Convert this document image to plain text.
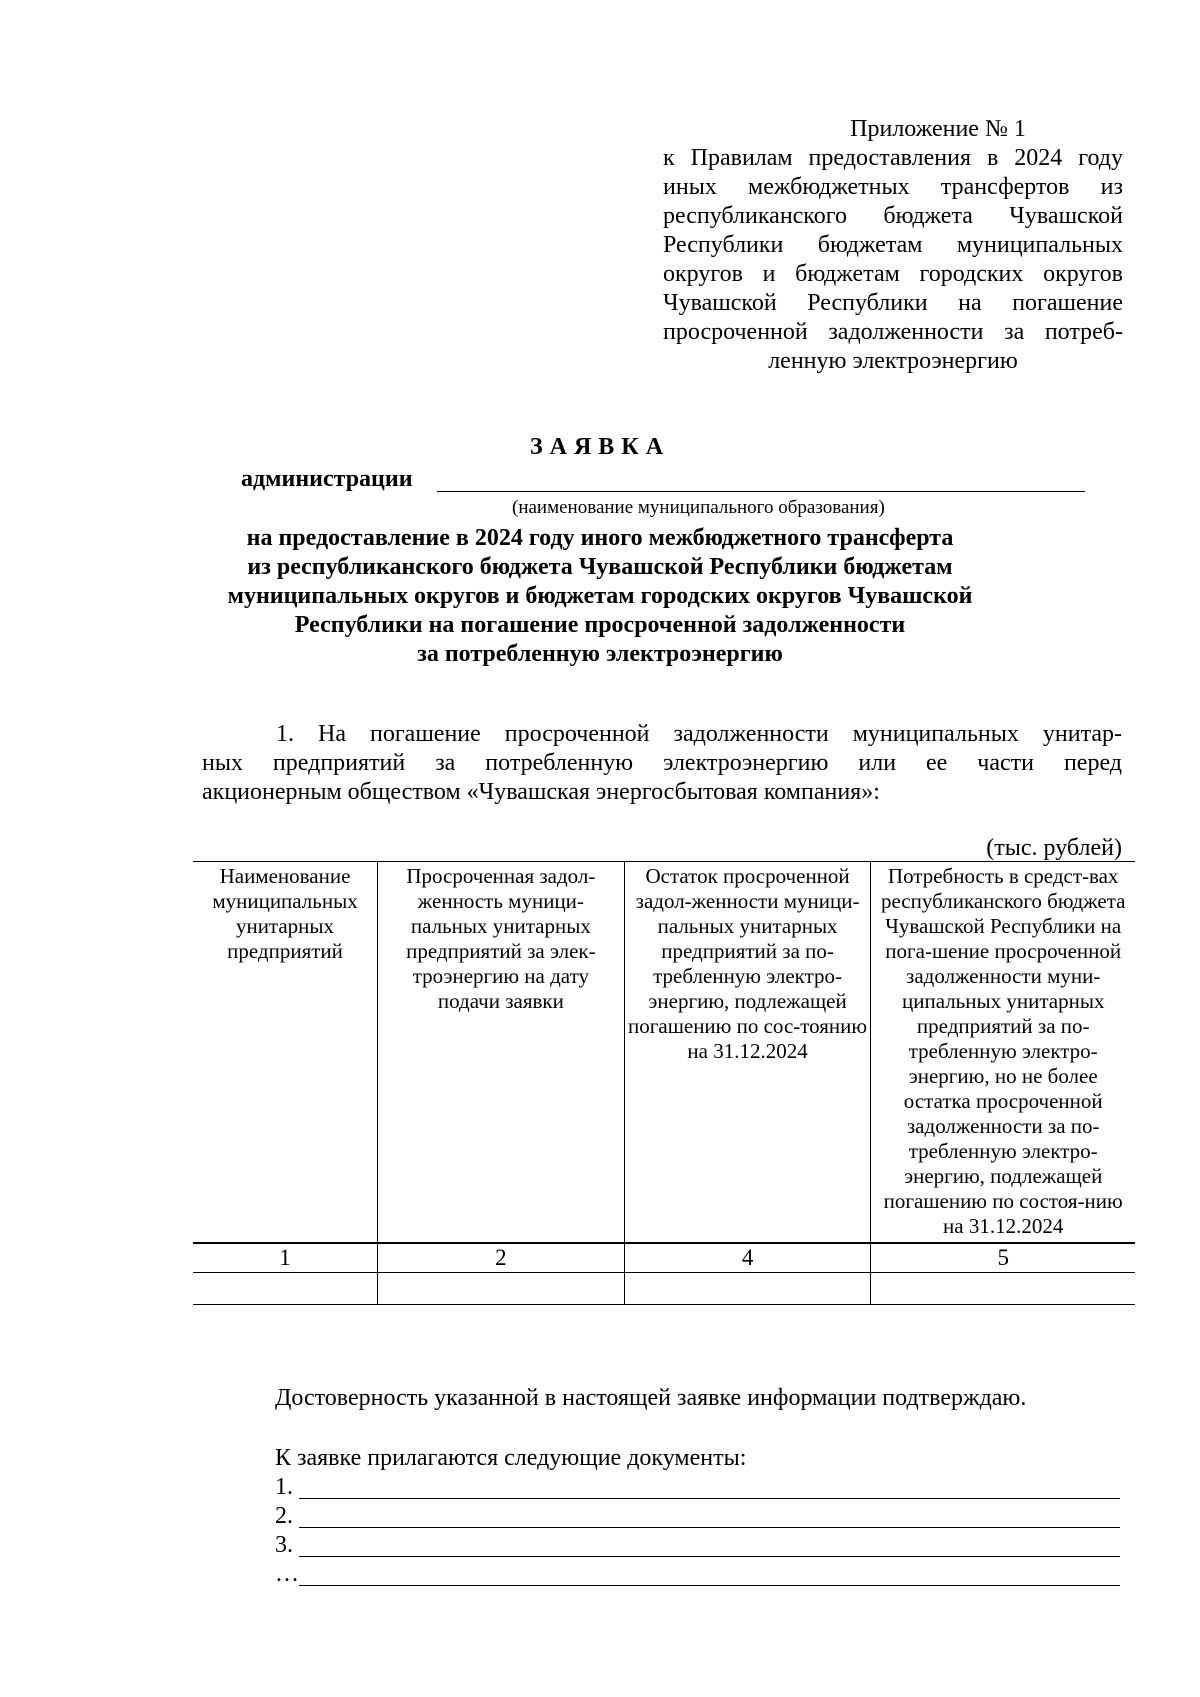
Приложение № 1
к Правилам предоставления в 2024 году
иных межбюджетных трансфертов из
республиканского бюджета Чувашской
Республики бюджетам муниципальных
округов и бюджетам городских округов
Чувашской Республики на погашение
просроченной задолженности за потреб-
ленную электроэнергию
ЗАЯВКА
администрации
(наименование муниципального образования)
на предоставление в 2024 году иного межбюджетного трансферта
из республиканского бюджета Чувашской Республики бюджетам
муниципальных округов и бюджетам городских округов Чувашской
Республики на погашение просроченной задолженности
за потребленную электроэнергию
1. На погашение просроченной задолженности муниципальных унитар-
ных предприятий за потребленную электроэнергию или ее части перед
акционерным обществом «Чувашская энергосбытовая компания»:
(тыс. рублей)
Наименование муниципальных унитарных предприятий	Просроченная задол-женность муници-пальных унитарных предприятий за элек-троэнергию на дату подачи заявки	Остаток просроченной задол-женности муници-пальных унитарных предприятий за по-требленную электро-энергию, подлежащей погашению по сос-тоянию на 31.12.2024	Потребность в средст-вах республиканского бюджета Чувашской Республики на пога-шение просроченной задолженности муни-ципальных унитарных предприятий за по-требленную электро-энергию, но не более остатка просроченной задолженности за по-требленную электро-энергию, подлежащей погашению по состоя-нию на 31.12.2024
1	2	4	5

Достоверность указанной в настоящей заявке информации подтверждаю.
К заявке прилагаются следующие документы:
1.
2.
3.
…
